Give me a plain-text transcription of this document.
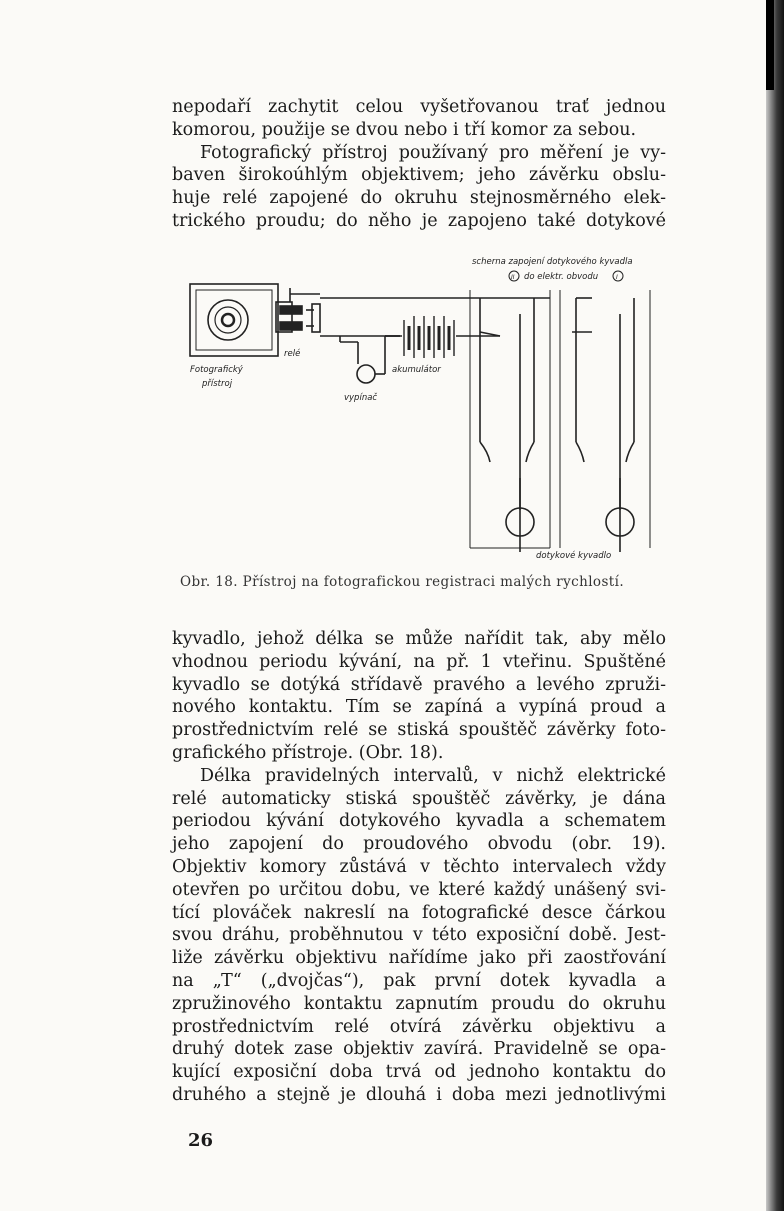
nepodaří zachytit celou vyšetřovanou trať jednou
komorou, použije se dvou nebo i tří komor za sebou.
Fotografický přístroj používaný pro měření je vy-
baven širokoúhlým objektivem; jeho závěrku obslu-
huje relé zapojené do okruhu stejnosměrného elek-
trického proudu; do něho je zapojeno také dotykové
scherna zapojení dotykového kyvadla
do elektr. obvodu
II	I
Fotografický
přístroj
relé
vypínač
akumulátor
dotykové kyvadlo
Obr. 18. Přístroj na fotografickou registraci malých rychlostí.
kyvadlo, jehož délka se může nařídit tak, aby mělo
vhodnou periodu kývání, na př. 1 vteřinu. Spuštěné
kyvadlo se dotýká střídavě pravého a levého zpruži-
nového kontaktu. Tím se zapíná a vypíná proud a
prostřednictvím relé se stiská spouštěč závěrky foto-
grafického přístroje. (Obr. 18).
Délka pravidelných intervalů, v nichž elektrické
relé automaticky stiská spouštěč závěrky, je dána
periodou kývání dotykového kyvadla a schematem
jeho zapojení do proudového obvodu (obr. 19).
Objektiv komory zůstává v těchto intervalech vždy
otevřen po určitou dobu, ve které každý unášený svi-
tící plováček nakreslí na fotografické desce čárkou
svou dráhu, proběhnutou v této exposiční době. Jest-
liže závěrku objektivu nařídíme jako při zaostřování
na „T“ („dvojčas“), pak první dotek kyvadla a
zpružinového kontaktu zapnutím proudu do okruhu
prostřednictvím relé otvírá závěrku objektivu a
druhý dotek zase objektiv zavírá. Pravidelně se opa-
kující exposiční doba trvá od jednoho kontaktu do
druhého a stejně je dlouhá i doba mezi jednotlivými
26
